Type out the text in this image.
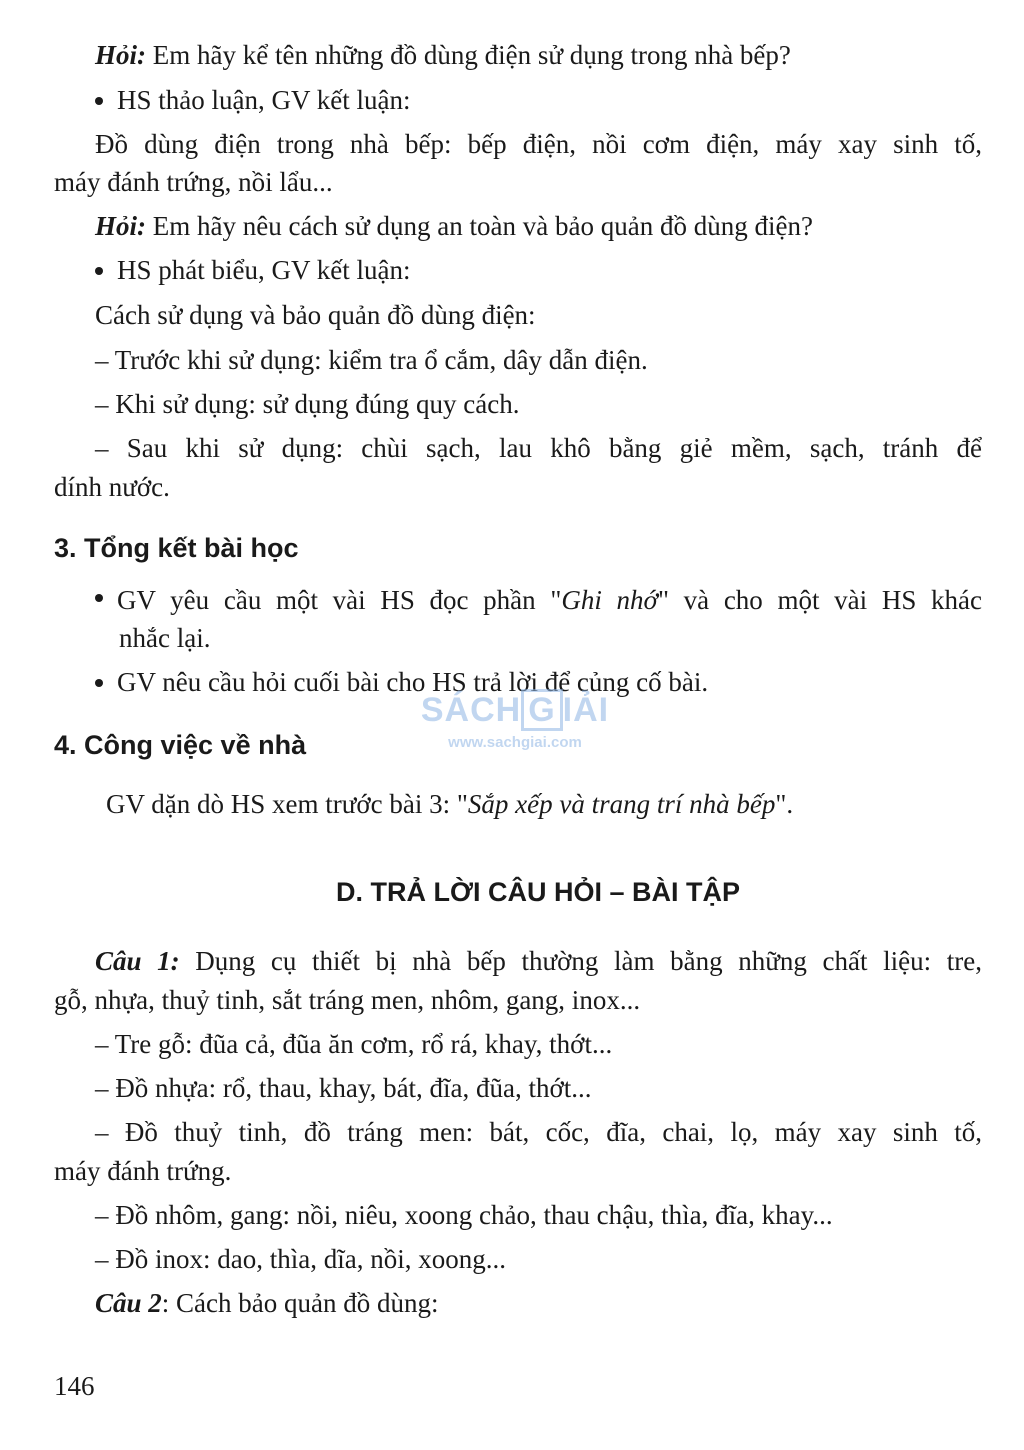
Hỏi: Em hãy kể tên những đồ dùng điện sử dụng trong nhà bếp?
HS thảo luận, GV kết luận:
Đồ dùng điện trong nhà bếp: bếp điện, nồi cơm điện, máy xay sinh tố,
máy đánh trứng, nồi lẩu...
Hỏi: Em hãy nêu cách sử dụng an toàn và bảo quản đồ dùng điện?
HS phát biểu, GV kết luận:
Cách sử dụng và bảo quản đồ dùng điện:
– Trước khi sử dụng: kiểm tra ổ cắm, dây dẫn điện.
– Khi sử dụng: sử dụng đúng quy cách.
– Sau khi sử dụng: chùi sạch, lau khô bằng giẻ mềm, sạch, tránh để
dính nước.
3. Tổng kết bài học
GV yêu cầu một vài HS đọc phần "Ghi nhớ" và cho một vài HS khác
nhắc lại.
GV nêu cầu hỏi cuối bài cho HS trả lời để củng cố bài.
SÁCH G IẢI
www.sachgiai.com
4. Công việc về nhà
GV dặn dò HS xem trước bài 3: "Sắp xếp và trang trí nhà bếp".
D. TRẢ LỜI CÂU HỎI – BÀI TẬP
Câu 1: Dụng cụ thiết bị nhà bếp thường làm bằng những chất liệu: tre,
gỗ, nhựa, thuỷ tinh, sắt tráng men, nhôm, gang, inox...
– Tre gỗ: đũa cả, đũa ăn cơm, rổ rá, khay, thớt...
– Đồ nhựa: rổ, thau, khay, bát, đĩa, đũa, thớt...
– Đồ thuỷ tinh, đồ tráng men: bát, cốc, đĩa, chai, lọ, máy xay sinh tố,
máy đánh trứng.
– Đồ nhôm, gang: nồi, niêu, xoong chảo, thau chậu, thìa, đĩa, khay...
– Đồ inox: dao, thìa, dĩa, nồi, xoong...
Câu 2: Cách bảo quản đồ dùng:
146
